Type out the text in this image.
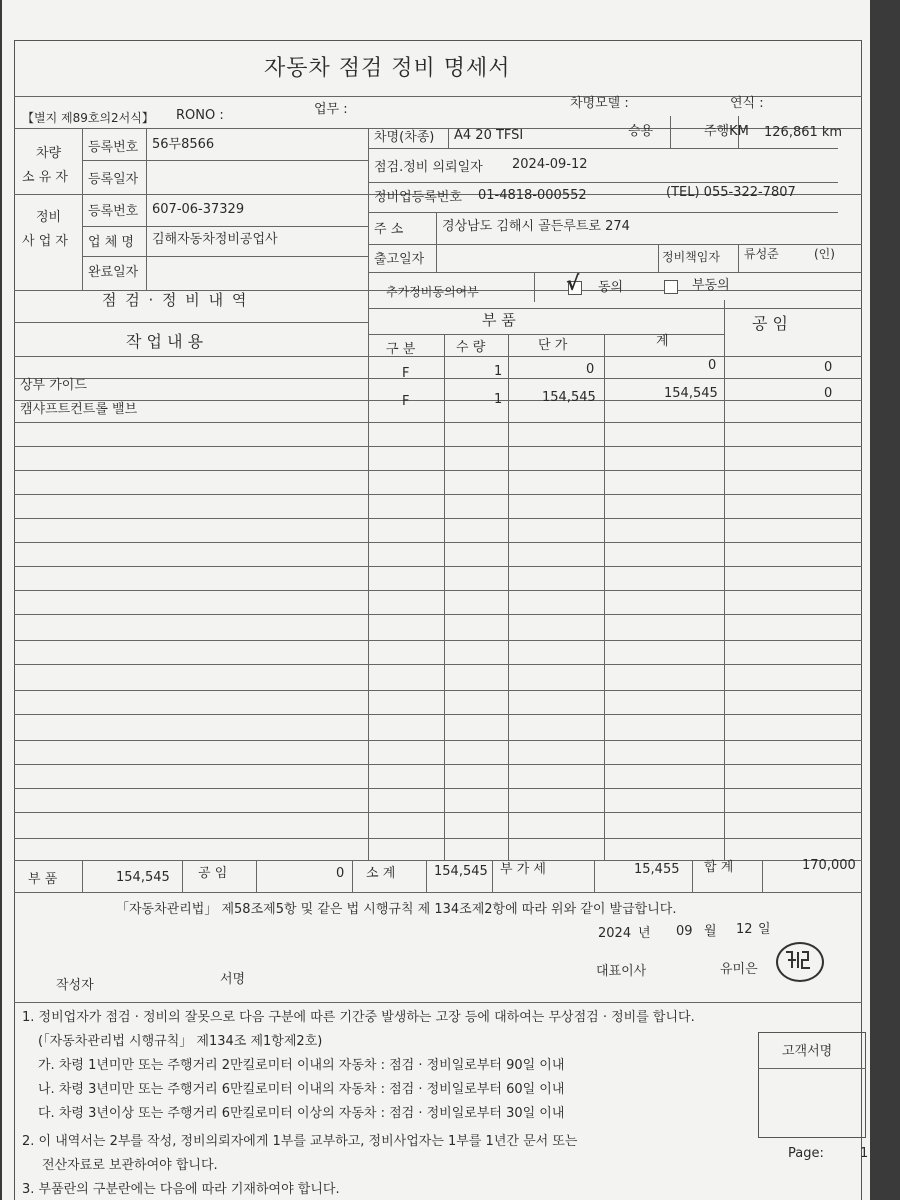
자동차 점검 정비 명세서
【별지 제89호의2서식】 RONO :	업무 :	차명모델 :	연식 :
차량
소 유 자
등록번호 56무8566
등록일자
차명(차종) A4 20 TFSI	승용	주행KM 126,861 km
점검.정비 의뢰일자 2024-09-12
정비업등록번호 01-4818-000552	(TEL) 055-322-7807
주 소	경상남도 김해시 골든루트로 274
출고일자	정비책임자 류성준	(인)
정비
사 업 자
등록번호 607-06-37329
업 체 명 김해자동차정비공업사
완료일자
추가정비동의여부	√ 동의	부동의
점 검 · 정 비 내 역
작 업 내 용
부 품	공 임
구 분	수 량	단 가	계
상부 가이드
F	1	0	0	0
캠샤프트컨트롤 밸브
F	1	154,545	154,545	0
부 품	154,545 공 임	0 소 계	154,545 부 가 세	15,455 합 계	170,000
「자동차관리법」 제58조제5항 및 같은 법 시행규칙 제 134조제2항에 따라 위와 같이 발급합니다.
2024 년 09 월 12 일
작성자	서명
대표이사	유미은
1. 정비업자가 점검 · 정비의 잘못으로 다음 구분에 따른 기간중 발생하는 고장 등에 대하여는 무상점검 · 정비를 합니다.
(「자동차관리법 시행규칙」 제134조 제1항제2호)
가. 차령 1년미만 또는 주행거리 2만킬로미터 이내의 자동차 : 점검 · 정비일로부터 90일 이내
나. 차령 3년미만 또는 주행거리 6만킬로미터 이내의 자동차 : 점검 · 정비일로부터 60일 이내
다. 차령 3년이상 또는 주행거리 6만킬로미터 이상의 자동차 : 점검 · 정비일로부터 30일 이내
2. 이 내역서는 2부를 작성, 정비의뢰자에게 1부를 교부하고, 정비사업자는 1부를 1년간 문서 또는
전산자료로 보관하여야 합니다.
3. 부품란의 구분란에는 다음에 따라 기재하여야 합니다.
고객서명
Page:	1
